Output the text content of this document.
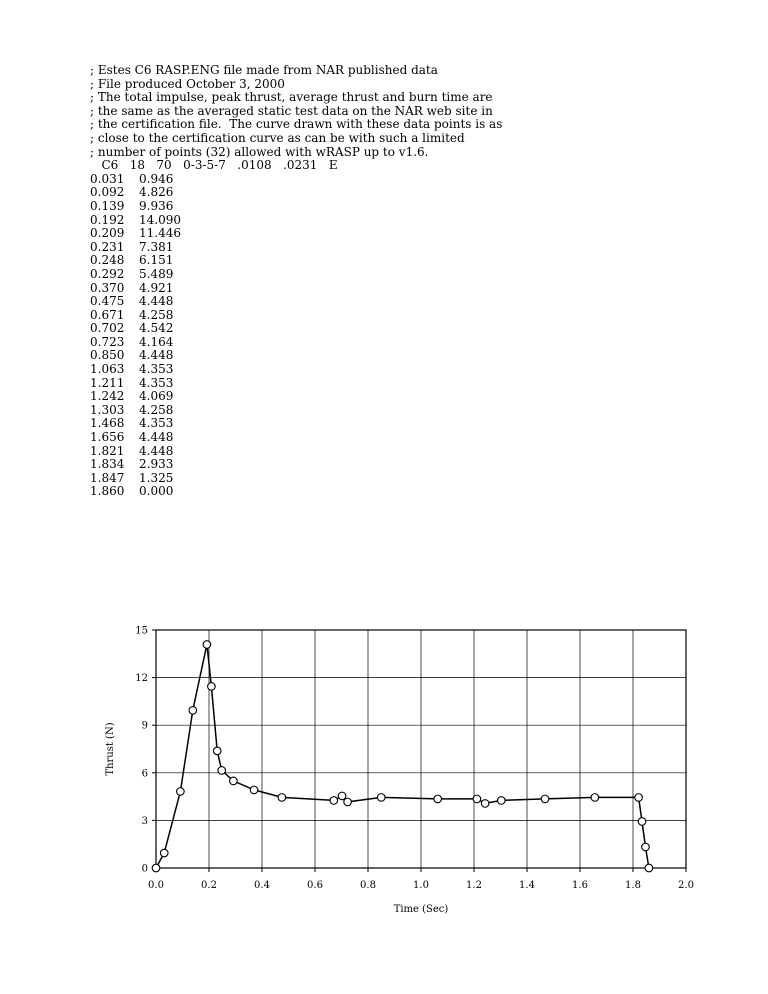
; Estes C6 RASP.ENG file made from NAR published data
; File produced October 3, 2000
; The total impulse, peak thrust, average thrust and burn time are
; the same as the averaged static test data on the NAR web site in
; the certification file.  The curve drawn with these data points is as
; close to the certification curve as can be with such a limited
; number of points (32) allowed with wRASP up to v1.6.
C6   18   70   0-3-5-7   .0108   .0231   E
0.031 0.946
0.092 4.826
0.139 9.936
0.192 14.090
0.209 11.446
0.231 7.381
0.248 6.151
0.292 5.489
0.370 4.921
0.475 4.448
0.671 4.258
0.702 4.542
0.723 4.164
0.850 4.448
1.063 4.353
1.211 4.353
1.242 4.069
1.303 4.258
1.468 4.353
1.656 4.448
1.821 4.448
1.834 2.933
1.847 1.325
1.860 0.000
0.0	0.2	0.4	0.6	0.8	1.0	1.2	1.4	1.6	1.8	2.0
0
3
6
9
12
15
Time (Sec)
Thrust (N)
